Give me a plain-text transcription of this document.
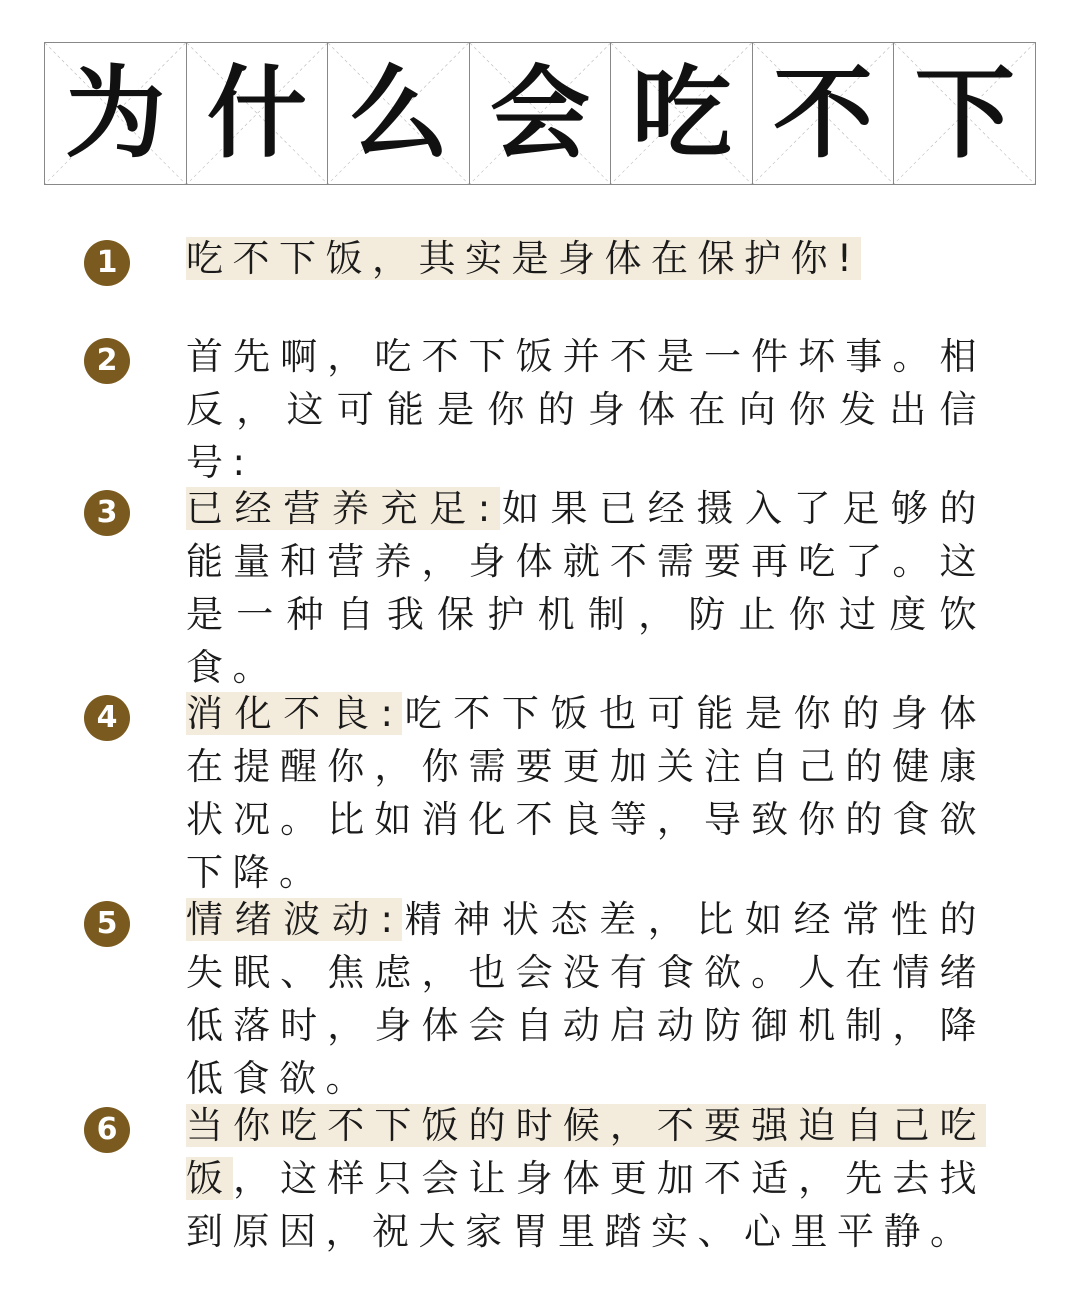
为 什 么 会 吃 不 下
1	吃不下饭，其实是身体在保护你!
2	首先啊，吃不下饭并不是一件坏事。相反，这可能是你的身体在向你发出信号:
3	已经营养充足:如果已经摄入了足够的能量和营养，身体就不需要再吃了。这是一种自我保护机制，防止你过度饮食。
4	消化不良:吃不下饭也可能是你的身体在提醒你，你需要更加关注自己的健康状况。比如消化不良等，导致你的食欲下降。
5	情绪波动:精神状态差，比如经常性的失眠、焦虑，也会没有食欲。人在情绪低落时，身体会自动启动防御机制，降低食欲。
6	当你吃不下饭的时候，不要强迫自己吃饭，这样只会让身体更加不适，先去找到原因，祝大家胃里踏实、心里平静。
